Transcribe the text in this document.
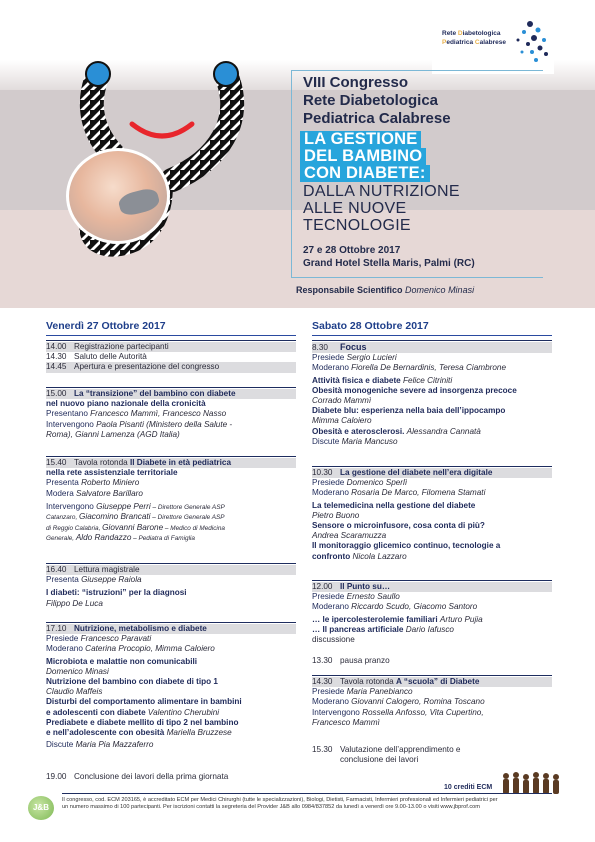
Rete Diabetologica
Pediatrica Calabrese
VIII Congresso
Rete Diabetologica
Pediatrica Calabrese
LA GESTIONE
DEL BAMBINO
CON DIABETE:
DALLA NUTRIZIONE
ALLE NUOVE
TECNOLOGIE
27 e 28 Ottobre 2017
Grand Hotel Stella Maris, Palmi (RC)
Responsabile Scientifico Domenico Minasi
Venerdì 27 Ottobre 2017
14.00 Registrazione partecipanti
14.30 Saluto delle Autorità
14.45 Apertura e presentazione del congresso
15.00 La “transizione” del bambino con diabete
nel nuovo piano nazionale della cronicità
Presentano Francesco Mammì, Francesco Nasso
Intervengono Paola Pisanti (Ministero della Salute -
Roma), Gianni Lamenza (AGD Italia)
15.40 Tavola rotonda Il Diabete in età pediatrica
nella rete assistenziale territoriale
Presenta Roberto Miniero
Modera Salvatore Barillaro
Intervengono Giuseppe Perri – Direttore Generale ASP
Catanzaro, Giacomino Brancati – Direttore Generale ASP
di Reggio Calabria, Giovanni Barone – Medico di Medicina
Generale, Aldo Randazzo – Pediatra di Famiglia
16.40 Lettura magistrale
Presenta Giuseppe Raiola
I diabeti: “istruzioni” per la diagnosi
Filippo De Luca
17.10 Nutrizione, metabolismo e diabete
Presiede Francesco Paravati
Moderano Caterina Procopio, Mimma Caloiero
Microbiota e malattie non comunicabili
Domenico Minasi
Nutrizione del bambino con diabete di tipo 1
Claudio Maffeis
Disturbi del comportamento alimentare in bambini
e adolescenti con diabete Valentino Cherubini
Prediabete e diabete mellito di tipo 2 nel bambino
e nell’adolescente con obesità Mariella Bruzzese
Discute Maria Pia Mazzaferro
19.00 Conclusione dei lavori della prima giornata
Sabato 28 Ottobre 2017
8.30 Focus
Presiede Sergio Lucieri
Moderano Fiorella De Bernardinis, Teresa Ciambrone
Attività fisica e diabete Felice Citriniti
Obesità monogeniche severe ad insorgenza precoce
Corrado Mammì
Diabete blu: esperienza nella baia dell’ippocampo
Mimma Caloiero
Obesità e aterosclerosi. Alessandra Cannatà
Discute Maria Mancuso
10.30 La gestione del diabete nell’era digitale
Presiede Domenico Sperlì
Moderano Rosaria De Marco, Filomena Stamati
La telemedicina nella gestione del diabete
Pietro Buono
Sensore o microinfusore, cosa conta di più?
Andrea Scaramuzza
Il monitoraggio glicemico continuo, tecnologie a
confronto Nicola Lazzaro
12.00 Il Punto su…
Presiede Ernesto Saullo
Moderano Riccardo Scudo, Giacomo Santoro
… le ipercolesterolemie familiari Arturo Pujia
… Il pancreas artificiale Dario Iafusco
discussione
13.30 pausa pranzo
14.30 Tavola rotonda A “scuola” di Diabete
Presiede Maria Panebianco
Moderano Giovanni Calogero, Romina Toscano
Intervengono Rossella Anfosso, Vita Cupertino,
Francesco Mammì
15.30 Valutazione dell’apprendimento e
conclusione dei lavori
10 crediti ECM
J&B
Il congresso, cod. ECM 203165, è accreditato ECM per Medici Chirurghi (tutte le specializzazioni), Biologi, Dietisti, Farmacisti, Infermieri professionali ed Infermieri pediatrici per
un numero massimo di 100 partecipanti. Per iscrizioni contatti la segreteria del Provider J&B allo 0984/837852 da lunedì a venerdì ore 9.00-13.00 o visiti www.jbprof.com
